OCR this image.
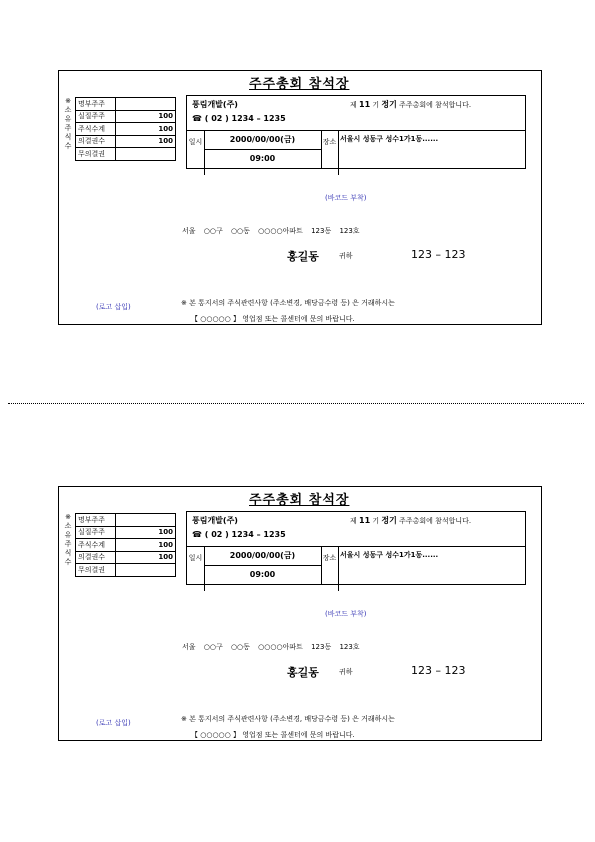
주주총회 참석장
※
소
유
주
식
수
명부주주	
실질주주	100
주식수계	100
의결권수	100
무의결권	
풍림개발(주)
☎ ( 02 ) 1234 – 1235
제 11 기 정기 주주총회에 참석합니다.
일시	2000/00/00(금)
09:00
장소 서울시 성동구 성수1가1동......
(바코드 부착)
서울 ○○구 ○○동 ○○○○아파트 123동 123호
홍길동	귀하	123 – 123
(로고 삽입)	※ 본 통지서의 주식관련사항 (주소변경, 배당금수령 등) 은 거래하시는
【 ○○○○○ 】 영업점 또는 콜센터에 문의 바랍니다.
주주총회 참석장
※
소
유
주
식
수
명부주주	
실질주주	100
주식수계	100
의결권수	100
무의결권	
풍림개발(주)
☎ ( 02 ) 1234 – 1235
제 11 기 정기 주주총회에 참석합니다.
일시	2000/00/00(금)
09:00
장소 서울시 성동구 성수1가1동......
(바코드 부착)
서울 ○○구 ○○동 ○○○○아파트 123동 123호
홍길동	귀하	123 – 123
(로고 삽입)	※ 본 통지서의 주식관련사항 (주소변경, 배당금수령 등) 은 거래하시는
【 ○○○○○ 】 영업점 또는 콜센터에 문의 바랍니다.
